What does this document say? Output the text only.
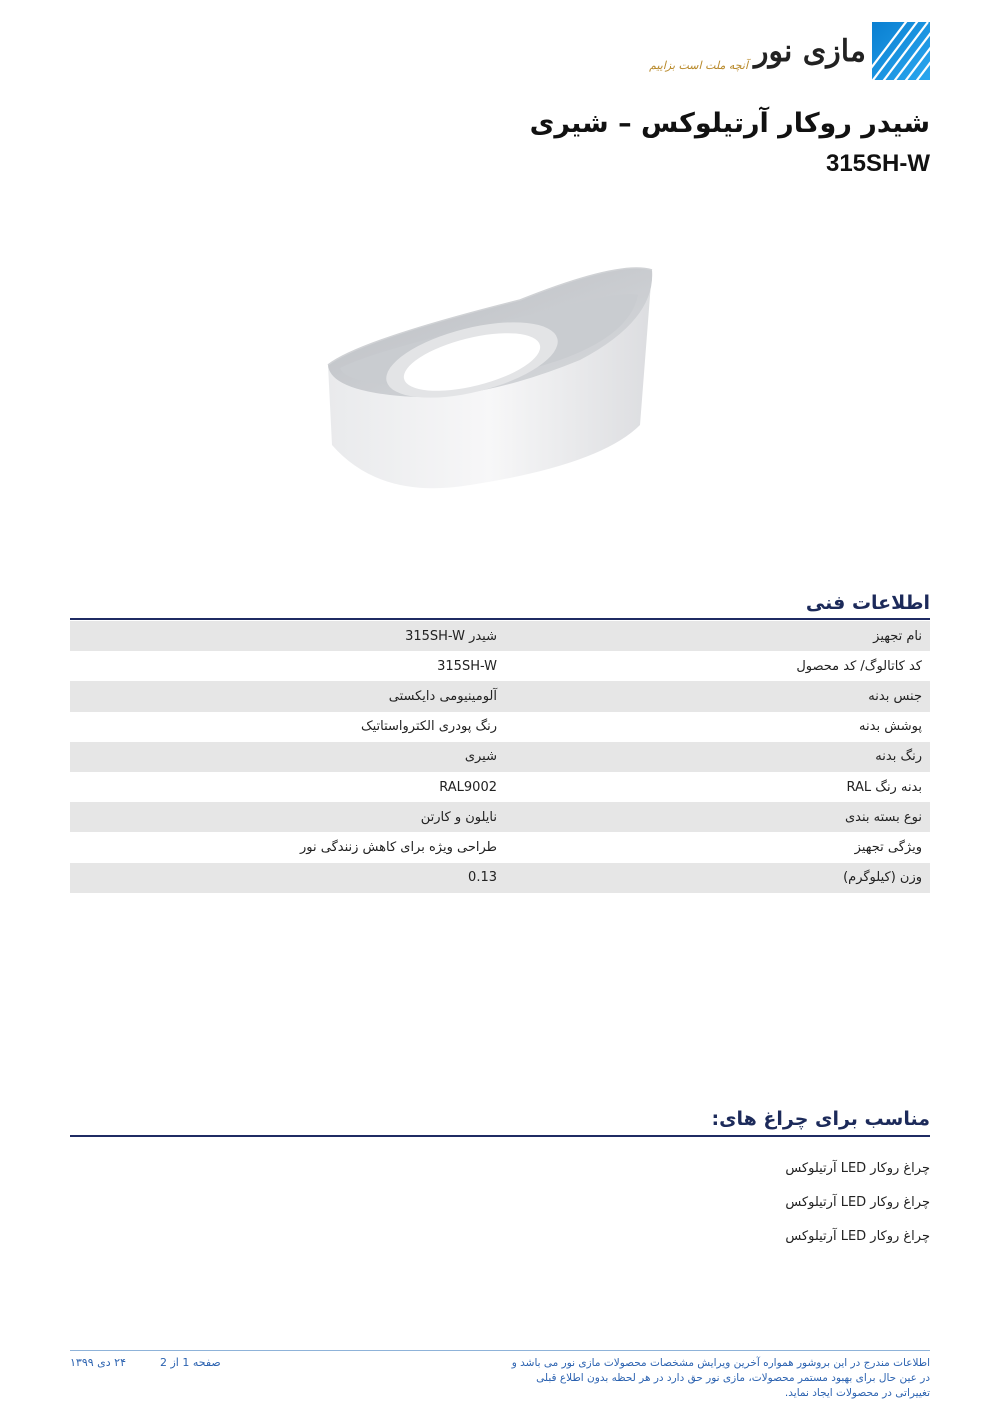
مازی نور
آنچه ملت است بزاییم
شیدر روکار آرتیلوکس – شیری
315SH-W
اطلاعات فنی
نام تجهیز
شیدر 315SH-W
کد کاتالوگ/ کد محصول
315SH-W
جنس بدنه
آلومینیومی دایکستی
پوشش بدنه
رنگ پودری الکترواستاتیک
رنگ بدنه
شیری
بدنه رنگ RAL
RAL9002
نوع بسته بندی
نایلون و کارتن
ویژگی تجهیز
طراحی ویژه برای کاهش زنندگی نور
وزن (کیلوگرم)
0.13
مناسب برای چراغ های:
چراغ روکار LED آرتیلوکس
چراغ روکار LED آرتیلوکس
چراغ روکار LED آرتیلوکس

اطلاعات مندرج در این بروشور همواره آخرین ویرایش مشخصات محصولات مازی نور می باشد و در عین حال برای بهبود مستمر محصولات، مازی نور حق دارد در هر لحظه بدون اطلاع قبلی تغییراتی در محصولات ایجاد نماید.

صفحه 1 از 2
۲۴ دی ۱۳۹۹
